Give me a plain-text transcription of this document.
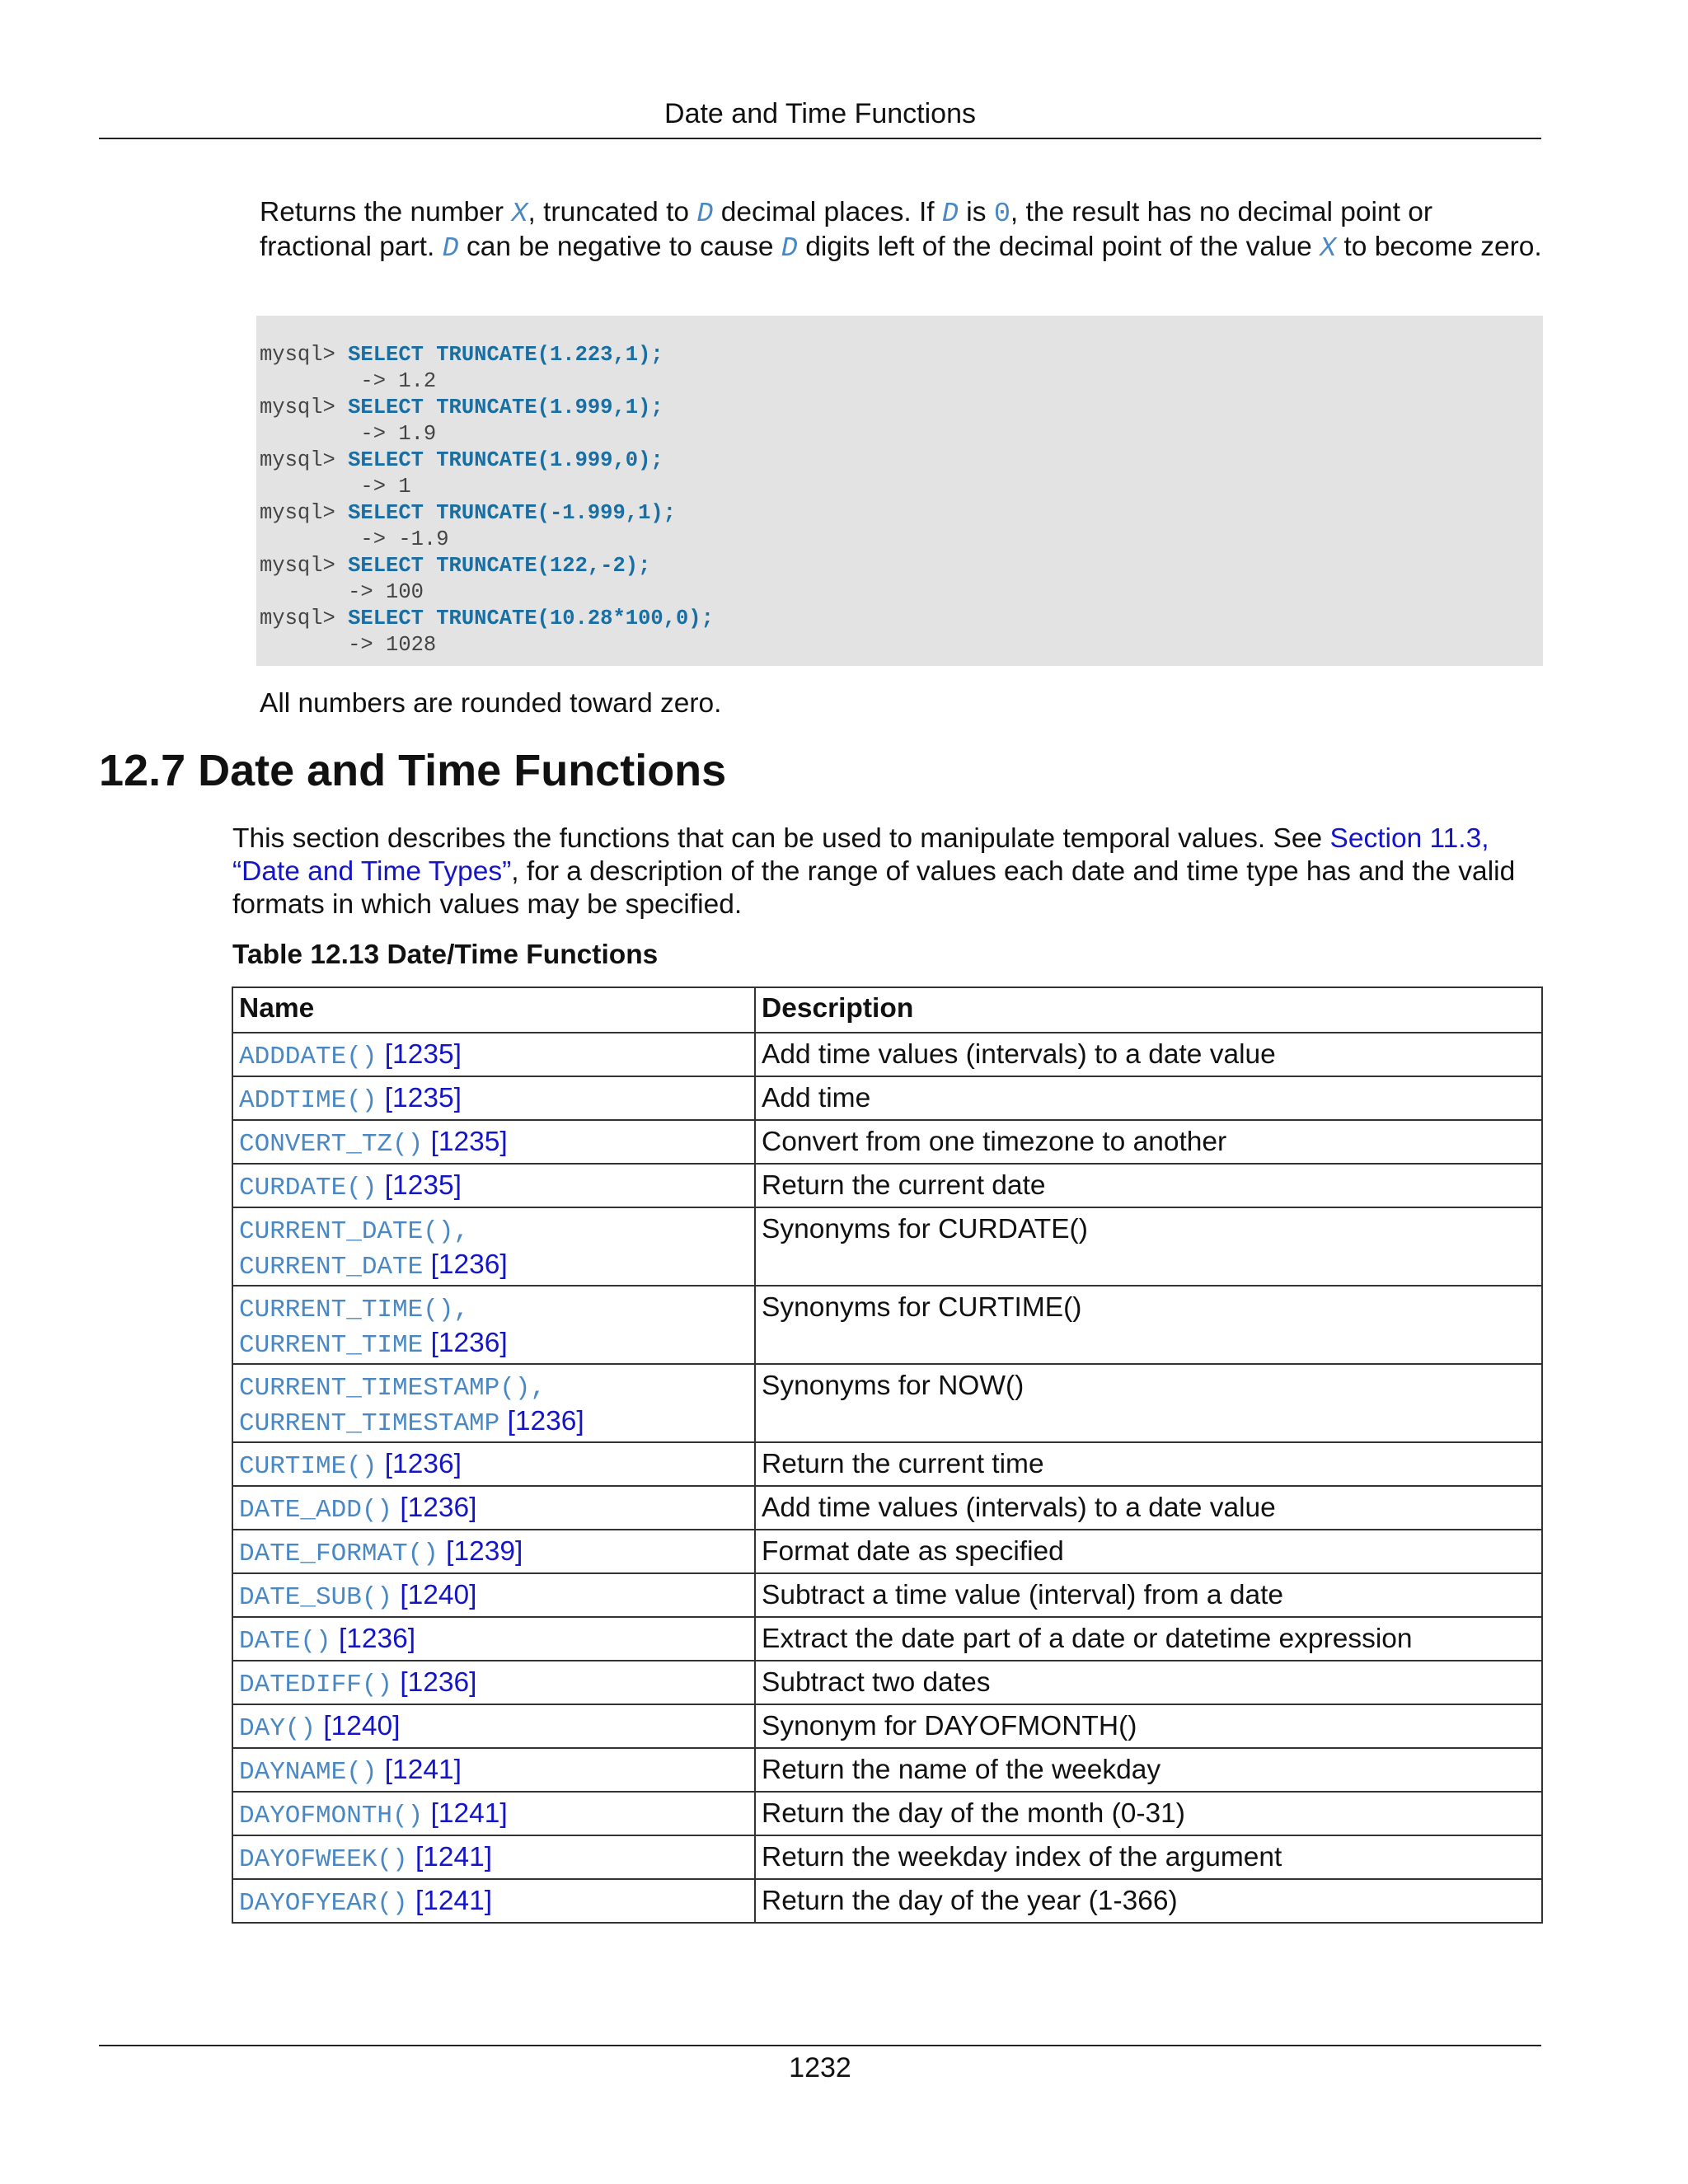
Date and Time Functions

Returns the number X, truncated to D decimal places. If D is 0, the result has no decimal point or fractional part. D can be negative to cause D digits left of the decimal point of the value X to become zero.

mysql> SELECT TRUNCATE(1.223,1);
-> 1.2
mysql> SELECT TRUNCATE(1.999,1);
-> 1.9
mysql> SELECT TRUNCATE(1.999,0);
-> 1
mysql> SELECT TRUNCATE(-1.999,1);
-> -1.9
mysql> SELECT TRUNCATE(122,-2);
-> 100
mysql> SELECT TRUNCATE(10.28*100,0);
-> 1028

All numbers are rounded toward zero.

12.7 Date and Time Functions

This section describes the functions that can be used to manipulate temporal values. See Section 11.3, “Date and Time Types”, for a description of the range of values each date and time type has and the valid formats in which values may be specified.

Table 12.13 Date/Time Functions

Name	Description
ADDDATE() [1235]	Add time values (intervals) to a date value
ADDTIME() [1235]	Add time
CONVERT_TZ() [1235]	Convert from one timezone to another
CURDATE() [1235]	Return the current date
CURRENT_DATE(),
CURRENT_DATE [1236]	Synonyms for CURDATE()
CURRENT_TIME(),
CURRENT_TIME [1236]	Synonyms for CURTIME()
CURRENT_TIMESTAMP(),
CURRENT_TIMESTAMP [1236]	Synonyms for NOW()
CURTIME() [1236]	Return the current time
DATE_ADD() [1236]	Add time values (intervals) to a date value
DATE_FORMAT() [1239]	Format date as specified
DATE_SUB() [1240]	Subtract a time value (interval) from a date
DATE() [1236]	Extract the date part of a date or datetime expression
DATEDIFF() [1236]	Subtract two dates
DAY() [1240]	Synonym for DAYOFMONTH()
DAYNAME() [1241]	Return the name of the weekday
DAYOFMONTH() [1241]	Return the day of the month (0-31)
DAYOFWEEK() [1241]	Return the weekday index of the argument
DAYOFYEAR() [1241]	Return the day of the year (1-366)
1232
